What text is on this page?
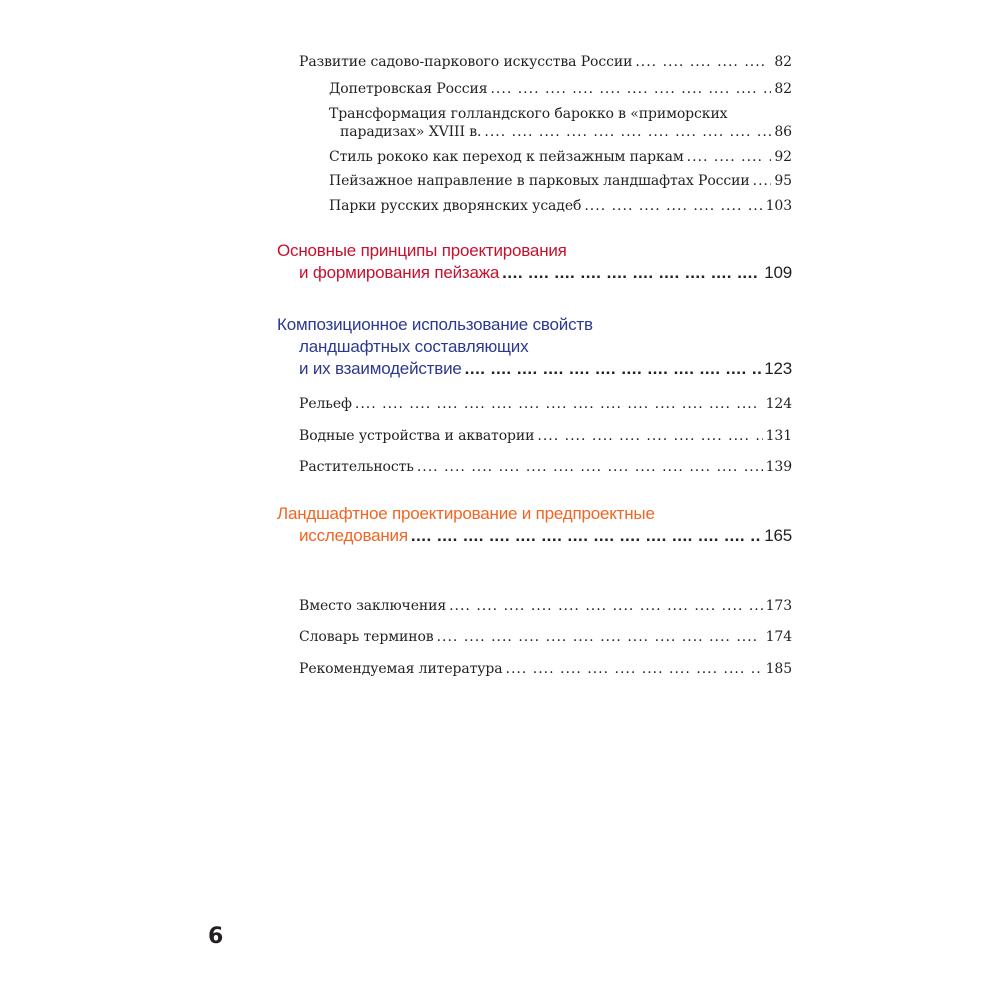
Развитие садово-паркового искусства России ....	82
Допетровская Россия ....	82
Трансформация голландского барокко в «приморских
парадизах» XVIII в. ....	86
Стиль рококо как переход к пейзажным паркам ....	92
Пейзажное направление в парковых ландшафтах России .... 95
Парки русских дворянских усадеб ....	103
Основные принципы проектирования
и формирования пейзажа ....	109
Композиционное использование свойств
ландшафтных составляющих
и их взаимодействие ....	123
Рельеф ....	124
Водные устройства и акватории ....	131
Растительность ....	139
Ландшафтное проектирование и предпроектные
исследования ....	165
Вместо заключения ....	173
Словарь терминов ....	174
Рекомендуемая литература ....	185
6
